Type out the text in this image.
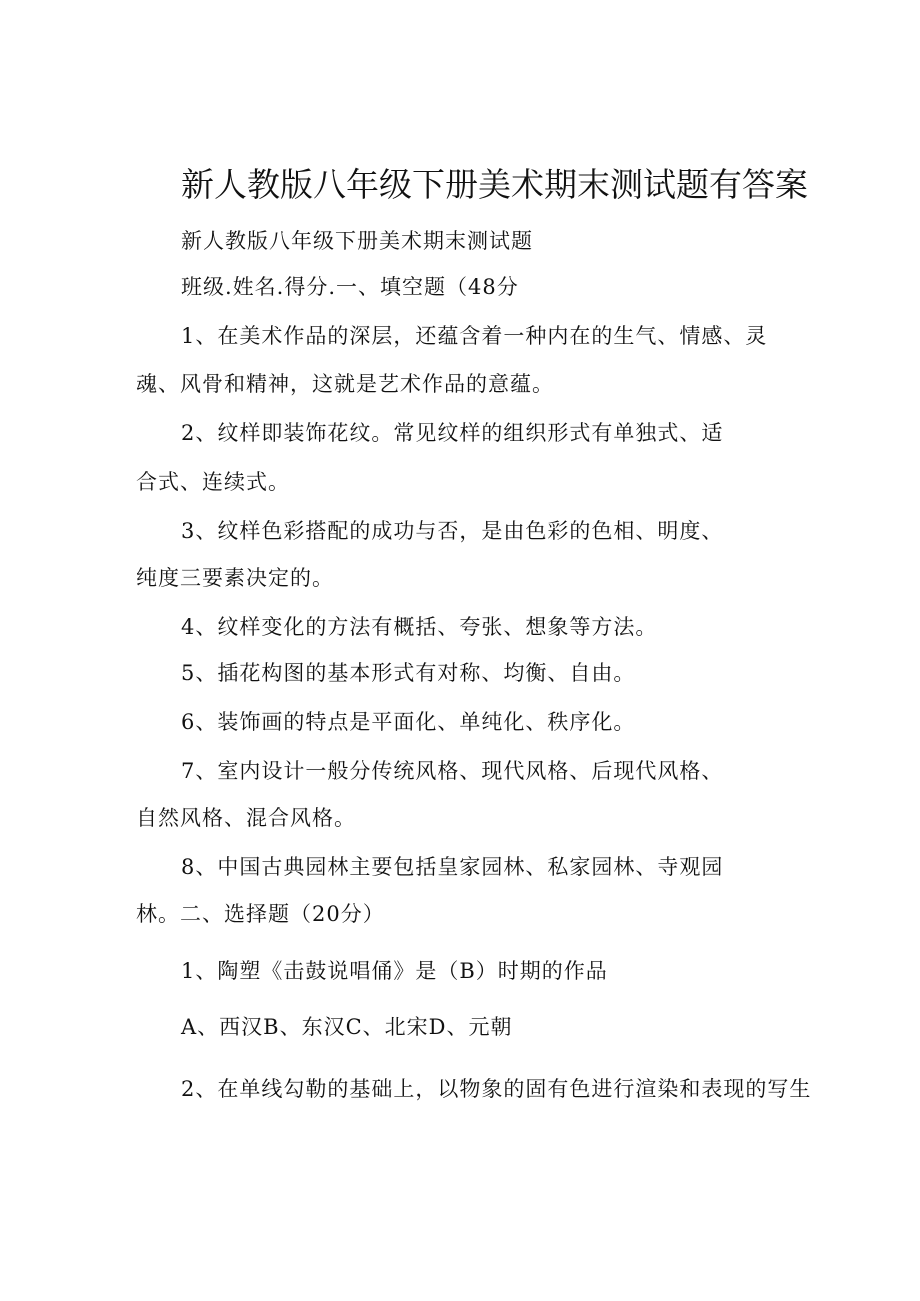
新人教版八年级下册美术期末测试题有答案
新人教版八年级下册美术期末测试题
班级.姓名.得分.一、填空题（48分
1、在美术作品的深层，还蕴含着一种内在的生气、情感、灵
魂、风骨和精神，这就是艺术作品的意蕴。
2、纹样即装饰花纹。常见纹样的组织形式有单独式、适
合式、连续式。
3、纹样色彩搭配的成功与否，是由色彩的色相、明度、
纯度三要素决定的。
4、纹样变化的方法有概括、夸张、想象等方法。
5、插花构图的基本形式有对称、均衡、自由。
6、装饰画的特点是平面化、单纯化、秩序化。
7、室内设计一般分传统风格、现代风格、后现代风格、
自然风格、混合风格。
8、中国古典园林主要包括皇家园林、私家园林、寺观园
林。二、选择题（20分）
1、陶塑《击鼓说唱俑》是（B）时期的作品
A、西汉B、东汉C、北宋D、元朝
2、在单线勾勒的基础上，以物象的固有色进行渲染和表现的写生
